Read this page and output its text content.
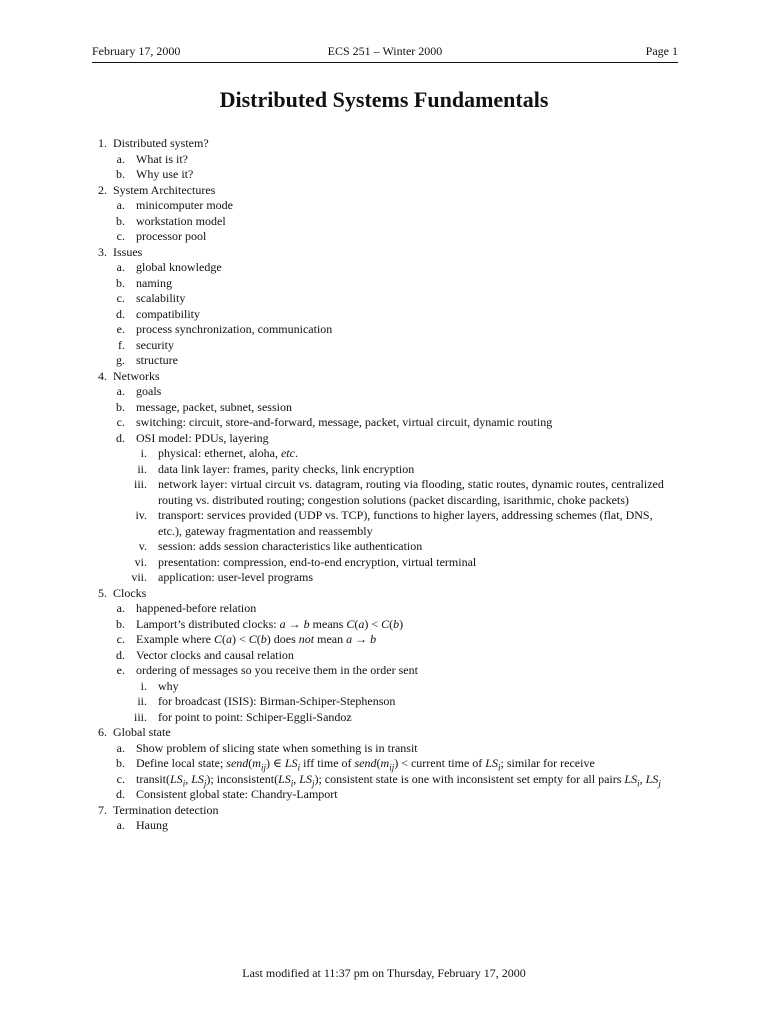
February 17, 2000	ECS 251 – Winter 2000	Page 1
Distributed Systems Fundamentals
1. Distributed system?
a. What is it?
b. Why use it?
2. System Architectures
a. minicomputer mode
b. workstation model
c. processor pool
3. Issues
a. global knowledge
b. naming
c. scalability
d. compatibility
e. process synchronization, communication
f. security
g. structure
4. Networks
a. goals
b. message, packet, subnet, session
c. switching: circuit, store-and-forward, message, packet, virtual circuit, dynamic routing
d. OSI model: PDUs, layering
i. physical: ethernet, aloha, etc.
ii. data link layer: frames, parity checks, link encryption
iii. network layer: virtual circuit vs. datagram, routing via flooding, static routes, dynamic routes, centralized routing vs. distributed routing; congestion solutions (packet discarding, isarithmic, choke packets)
iv. transport: services provided (UDP vs. TCP), functions to higher layers, addressing schemes (flat, DNS, etc.), gateway fragmentation and reassembly
v. session: adds session characteristics like authentication
vi. presentation: compression, end-to-end encryption, virtual terminal
vii. application: user-level programs
5. Clocks
a. happened-before relation
b. Lamport’s distributed clocks: a → b means C(a) < C(b)
c. Example where C(a) < C(b) does not mean a → b
d. Vector clocks and causal relation
e. ordering of messages so you receive them in the order sent
i. why
ii. for broadcast (ISIS): Birman-Schiper-Stephenson
iii. for point to point: Schiper-Eggli-Sandoz
6. Global state
a. Show problem of slicing state when something is in transit
b. Define local state; $send(m_{ij})$ ∈ $LS_i$ iff time of $send(m_{ij})$ < current time of $LS_i$; similar for receive
c. $transit(LS_i$, $LS_j$); $inconsistent(LS_i$, $LS_j$); consistent state is one with inconsistent set empty for all pairs $LS_i$, $LS_j$
d. Consistent global state: Chandry-Lamport
7. Termination detection
a. Haung
Last modified at 11:37 pm on Thursday, February 17, 2000
